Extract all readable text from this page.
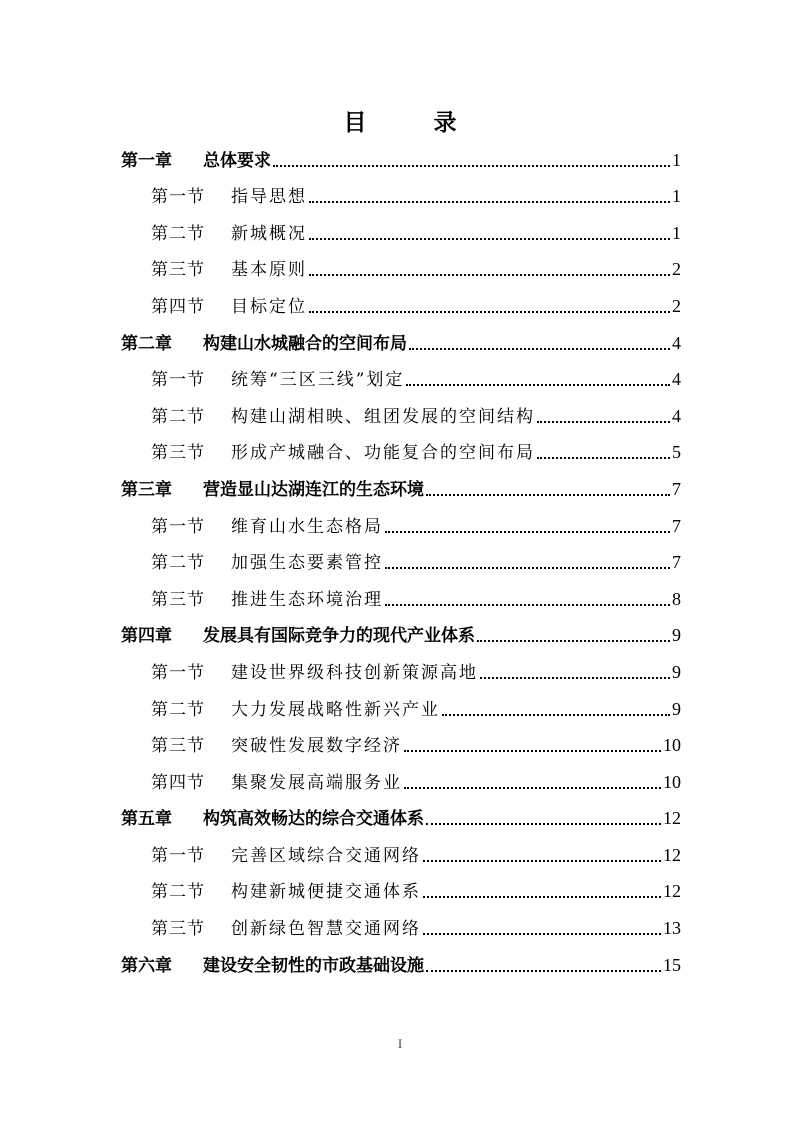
目　录
第一章	总体要求	1
第一节	指导思想	1
第二节	新城概况	1
第三节	基本原则	2
第四节	目标定位	2
第二章	构建山水城融合的空间布局	4
第一节	统筹“三区三线”划定	4
第二节	构建山湖相映、组团发展的空间结构	4
第三节	形成产城融合、功能复合的空间布局	5
第三章	营造显山达湖连江的生态环境	7
第一节	维育山水生态格局	7
第二节	加强生态要素管控	7
第三节	推进生态环境治理	8
第四章	发展具有国际竞争力的现代产业体系	9
第一节	建设世界级科技创新策源高地	9
第二节	大力发展战略性新兴产业	9
第三节	突破性发展数字经济	10
第四节	集聚发展高端服务业	10
第五章	构筑高效畅达的综合交通体系	12
第一节	完善区域综合交通网络	12
第二节	构建新城便捷交通体系	12
第三节	创新绿色智慧交通网络	13
第六章	建设安全韧性的市政基础设施	15
I
